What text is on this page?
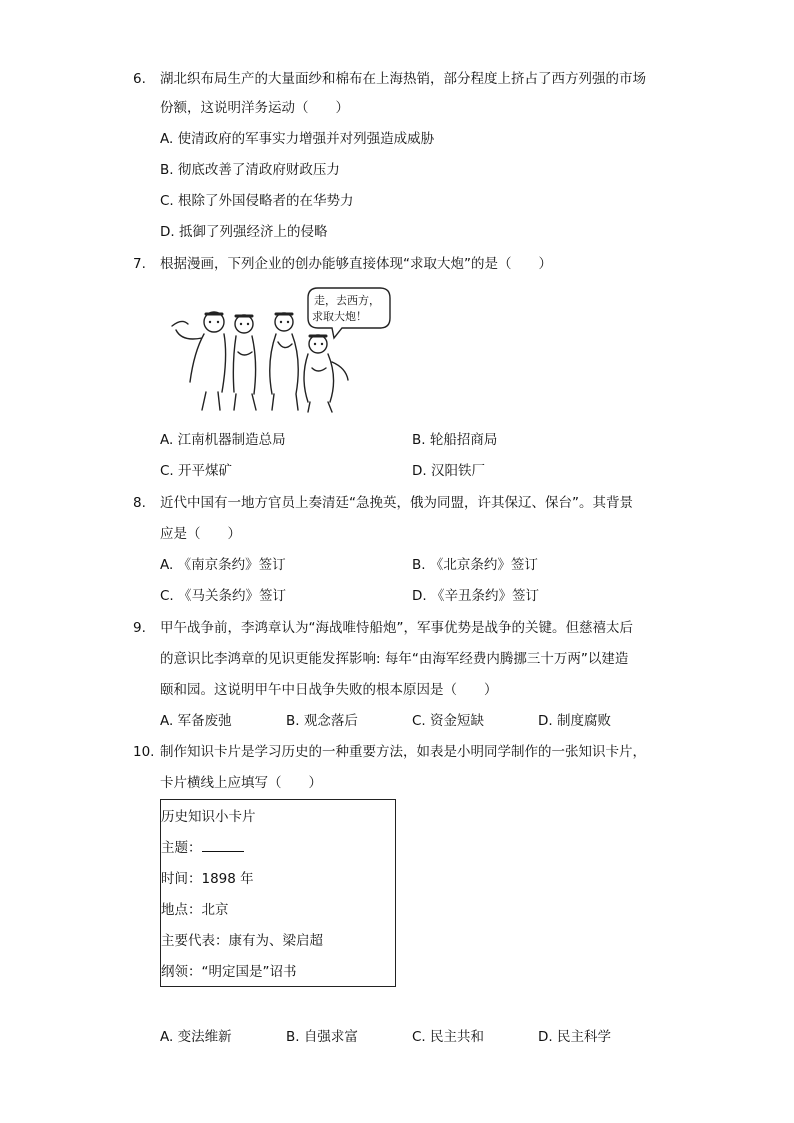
6. 湖北织布局生产的大量面纱和棉布在上海热销，部分程度上挤占了西方列强的市场
份额，这说明洋务运动（　　）
A. 使清政府的军事实力增强并对列强造成威胁
B. 彻底改善了清政府财政压力
C. 根除了外国侵略者的在华势力
D. 抵御了列强经济上的侵略
7. 根据漫画，下列企业的创办能够直接体现“求取大炮”的是（　　）
走，去西方，
求取大炮！
A. 江南机器制造总局	B. 轮船招商局
C. 开平煤矿	D. 汉阳铁厂
8. 近代中国有一地方官员上奏清廷“急挽英，俄为同盟，许其保辽、保台”。其背景
应是（　　）
A. 《南京条约》签订	B. 《北京条约》签订
C. 《马关条约》签订	D. 《辛丑条约》签订
9. 甲午战争前，李鸿章认为“海战唯恃船炮”，军事优势是战争的关键。但慈禧太后
的意识比李鸿章的见识更能发挥影响: 每年“由海军经费内腾挪三十万两”以建造
颐和园。这说明甲午中日战争失败的根本原因是（　　）
A. 军备废弛	B. 观念落后	C. 资金短缺	D. 制度腐败
10. 制作知识卡片是学习历史的一种重要方法，如表是小明同学制作的一张知识卡片，
卡片横线上应填写（　　）
历史知识小卡片
主题：
时间：1898 年
地点：北京
主要代表：康有为、梁启超
纲领：“明定国是”诏书
A. 变法维新	B. 自强求富	C. 民主共和	D. 民主科学
